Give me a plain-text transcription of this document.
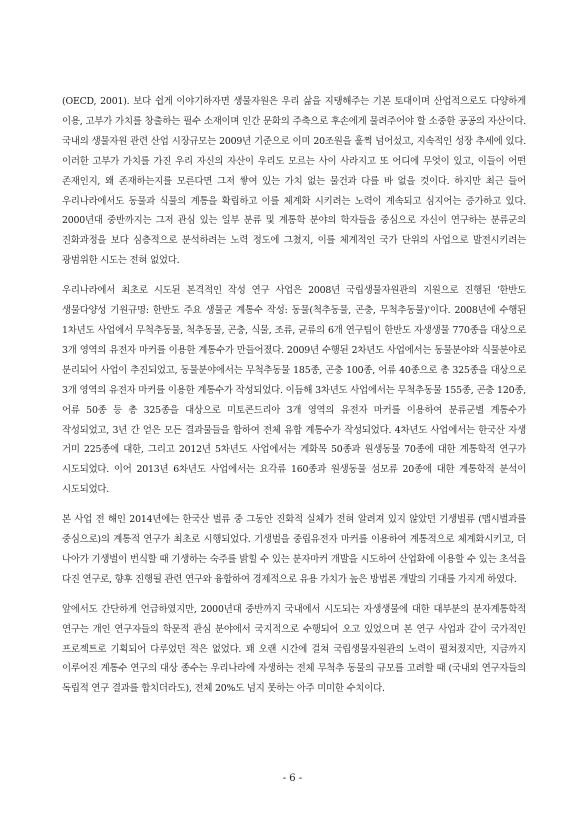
(OECD, 2001). 보다 쉽게 이야기하자면 생물자원은 우리 삶을 지탱해주는 기본 토대이며 산업적으로도 다양하게 이용, 고부가 가치를 창출하는 필수 소재이며 인간 문화의 주축으로 후손에게 물려주어야 할 소중한 공공의 자산이다. 국내의 생물자원 관련 산업 시장규모는 2009년 기준으로 이미 20조원을 훌쩍 넘어섰고, 지속적인 성장 추세에 있다. 이러한 고부가 가치를 가진 우리 자신의 자산이 우리도 모르는 사이 사라지고 또 어디에 무엇이 있고, 이들이 어떤 존재인지, 왜 존재하는지를 모른다면 그저 쌓여 있는 가치 없는 물건과 다를 바 없을 것이다. 하지만 최근 들어 우리나라에서도 동물과 식물의 계통을 확립하고 이를 체계화 시키려는 노력이 계속되고 심지어는 증가하고 있다. 2000년대 중반까지는 그저 관심 있는 일부 분류 및 계통학 분야의 학자들을 중심으로 자신이 연구하는 분류군의 진화과정을 보다 심층적으로 분석하려는 노력 정도에 그쳤지, 이를 체계적인 국가 단위의 사업으로 발전시키려는 광범위한 시도는 전혀 없었다.

우리나라에서 최초로 시도된 본격적인 작성 연구 사업은 2008년 국립생물자원관의 지원으로 진행된 '한반도 생물다양성 기원규명: 한반도 주요 생물군 계통수 작성: 동물(척추동물, 곤충, 무척추동물)'이다. 2008년에 수행된 1차년도 사업에서 무척추동물, 척추동물, 곤충, 식물, 조류, 균류의 6개 연구팀이 한반도 자생생물 770종을 대상으로 3개 영역의 유전자 마커를 이용한 계통수가 만들어졌다. 2009년 수행된 2차년도 사업에서는 동물분야와 식물분야로 분리되어 사업이 추진되었고, 동물분야에서는 무척추동물 185종, 곤충 100종, 어류 40종으로 총 325종을 대상으로 3개 영역의 유전자 마커를 이용한 계통수가 작성되었다. 이듬해 3차년도 사업에서는 무척추동물 155종, 곤충 120종, 어류 50종 등 총 325종을 대상으로 미토콘드리아 3개 영역의 유전자 마커를 이용하여 분류군별 계통수가 작성되었고, 3년 간 얻은 모든 결과물들을 합하여 전체 유합 계통수가 작성되었다. 4차년도 사업에서는 한국산 자생 거미 225종에 대한, 그리고 2012년 5차년도 사업에서는 게화목 50종과 원생동물 70종에 대한 계통학적 연구가 시도되었다. 이어 2013년 6차년도 사업에서는 요각류 160종과 원생동물 섬모류 20종에 대한 계통학적 분석이 시도되었다.

본 사업 전 해인 2014년에는 한국산 벌류 중 그동안 진화적 실체가 전혀 알려져 있지 않았던 기생벌류 (맵시벌과를 중심으로)의 계통적 연구가 최초로 시행되었다. 기생벌을 중립유전자 마커를 이용하여 계통적으로 체계화시키고, 더 나아가 기생벌이 번식할 때 기생하는 숙주를 밝힐 수 있는 분자마커 개발을 시도하여 산업화에 이용할 수 있는 초석을 다진 연구로, 향후 진행될 관련 연구와 융합하여 경제적으로 유용 가치가 높은 방법론 개발의 기대를 가지게 하였다.

앞에서도 간단하게 언급하였지만, 2000년대 중반까지 국내에서 시도되는 자생생물에 대한 대부분의 분자계통학적 연구는 개인 연구자들의 학문적 관심 분야에서 국지적으로 수행되어 오고 있었으며 본 연구 사업과 같이 국가적인 프로젝트로 기획되어 다루었던 적은 없었다. 꽤 오랜 시간에 걸쳐 국립생물자원관의 노력이 펼쳐졌지만, 지금까지 이루어진 계통수 연구의 대상 종수는 우리나라에 자생하는 전체 무척추 동물의 규모를 고려할 때 (국내외 연구자들의 독립적 연구 결과를 합치더라도), 전체 20%도 넘지 못하는 아주 미미한 수치이다.

- 6 -
